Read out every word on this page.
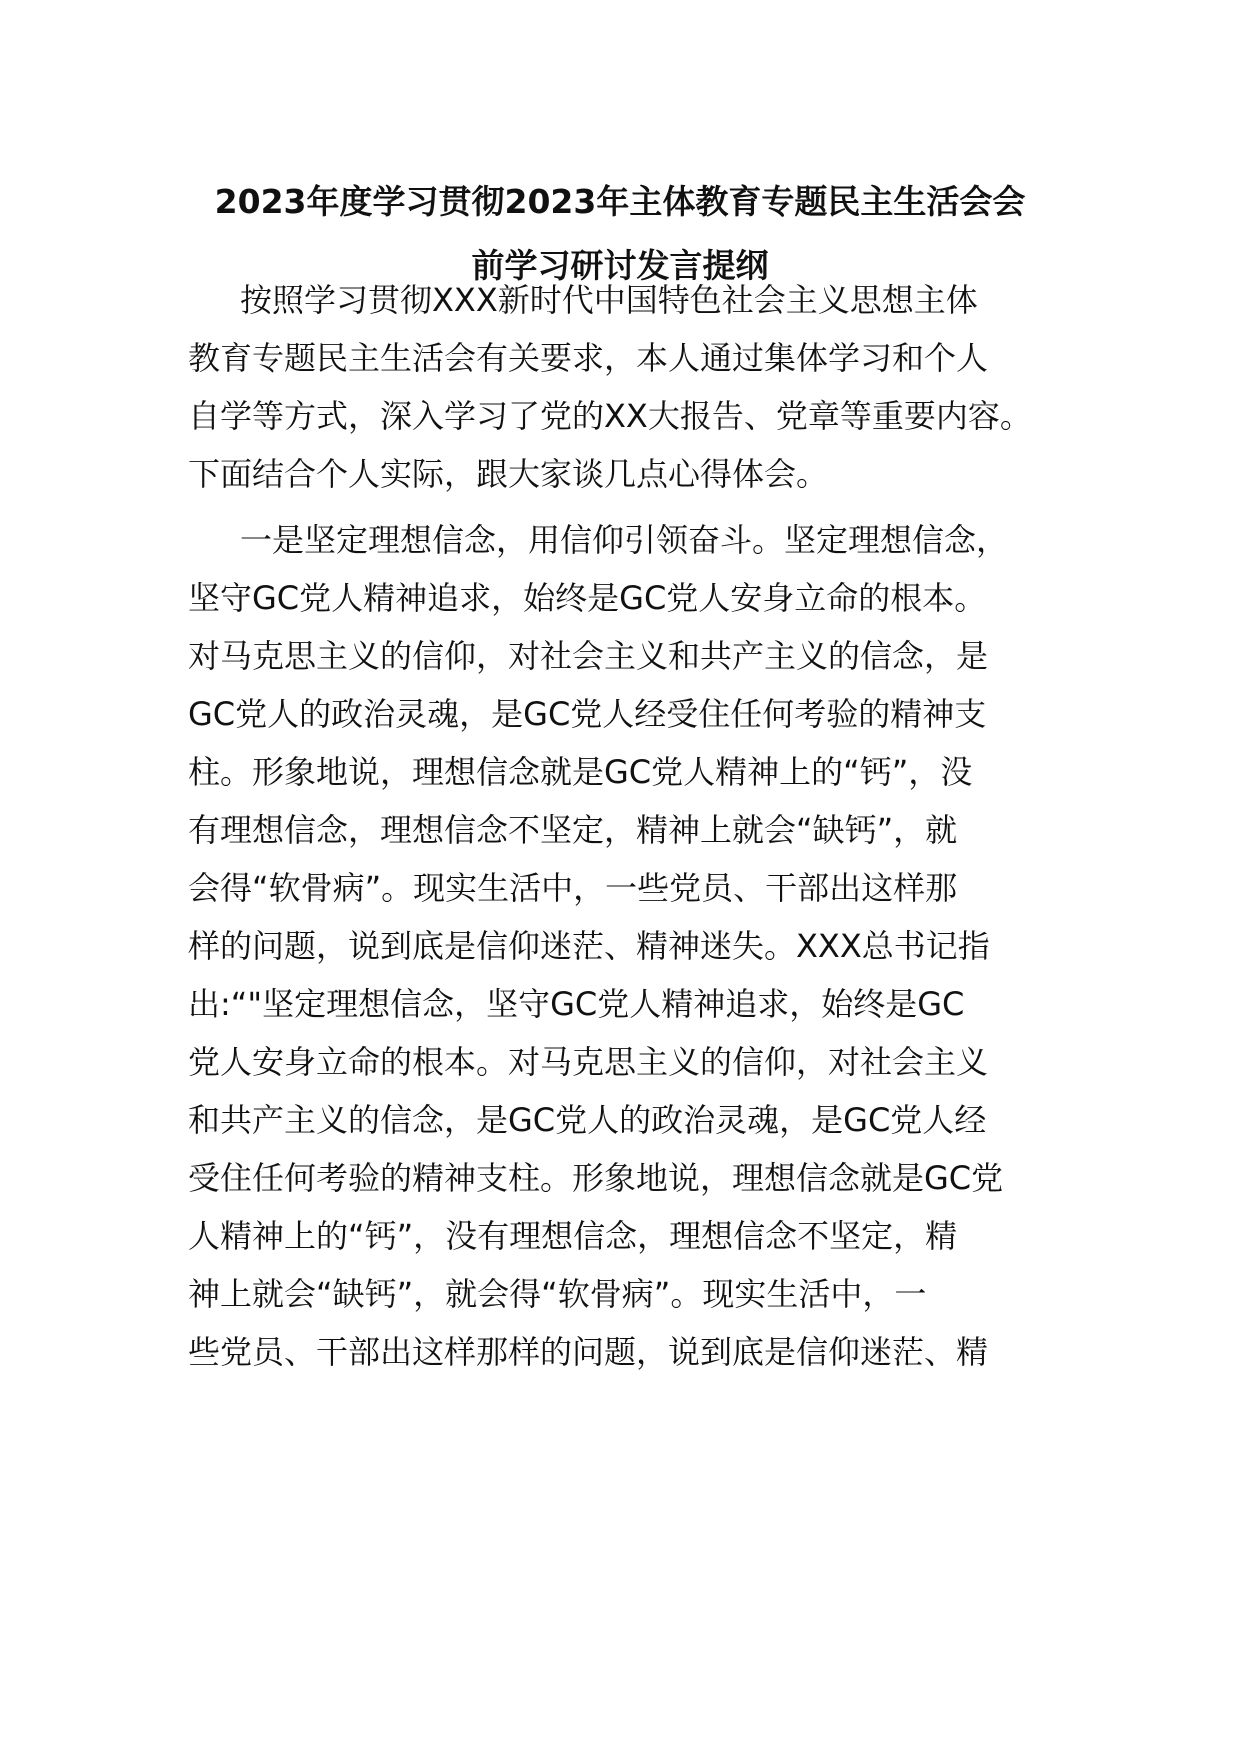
2023年度学习贯彻2023年主体教育专题民主生活会会
前学习研讨发言提纲
按照学习贯彻XXX新时代中国特色社会主义思想主体
教育专题民主生活会有关要求，本人通过集体学习和个人
自学等方式，深入学习了党的XX大报告、党章等重要内容。
下面结合个人实际，跟大家谈几点心得体会。
一是坚定理想信念，用信仰引领奋斗。坚定理想信念，
坚守GC党人精神追求，始终是GC党人安身立命的根本。
对马克思主义的信仰，对社会主义和共产主义的信念，是
GC党人的政治灵魂，是GC党人经受住任何考验的精神支
柱。形象地说，理想信念就是GC党人精神上的“钙”，没
有理想信念，理想信念不坚定，精神上就会“缺钙”，就
会得“软骨病”。现实生活中，一些党员、干部出这样那
样的问题，说到底是信仰迷茫、精神迷失。XXX总书记指
出:“"坚定理想信念，坚守GC党人精神追求，始终是GC
党人安身立命的根本。对马克思主义的信仰，对社会主义
和共产主义的信念，是GC党人的政治灵魂，是GC党人经
受住任何考验的精神支柱。形象地说，理想信念就是GC党
人精神上的“钙”，没有理想信念，理想信念不坚定，精
神上就会“缺钙”，就会得“软骨病”。现实生活中，一
些党员、干部出这样那样的问题，说到底是信仰迷茫、精
